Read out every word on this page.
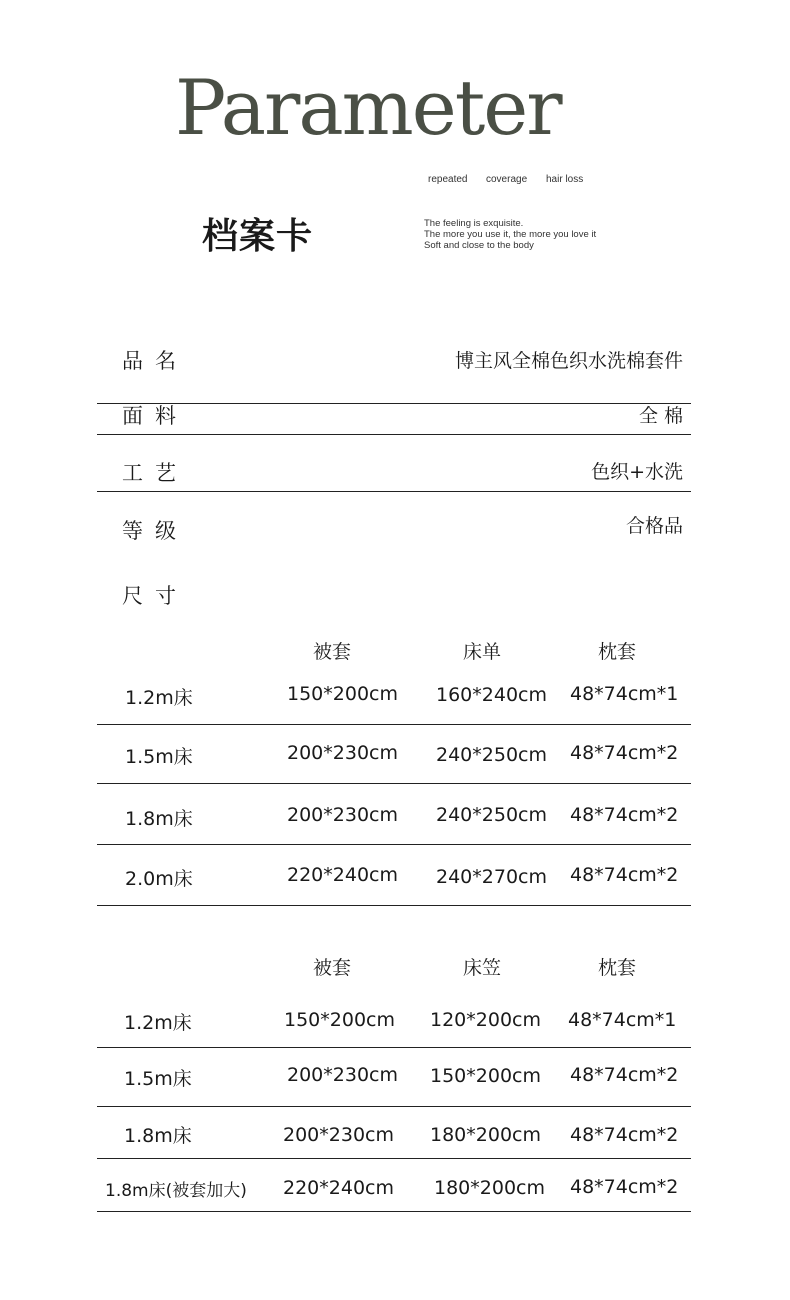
Parameter
repeated coverage hair loss
档案卡	The feeling is exquisite.
The more you use it, the more you love it
Soft and close to the body
品名	博主风全棉色织水洗棉套件
面料	全 棉
工艺	色织+水洗
等级	合格品
尺寸
被套	床单	枕套
1.2m床	150*200cm 160*240cm 48*74cm*1
1.5m床	200*230cm 240*250cm 48*74cm*2
1.8m床	200*230cm 240*250cm 48*74cm*2
2.0m床	220*240cm 240*270cm 48*74cm*2
被套	床笠	枕套
1.2m床	150*200cm 120*200cm 48*74cm*1
1.5m床	200*230cm 150*200cm 48*74cm*2
1.8m床	200*230cm 180*200cm 48*74cm*2
1.8m床(被套加大) 220*240cm 180*200cm 48*74cm*2
